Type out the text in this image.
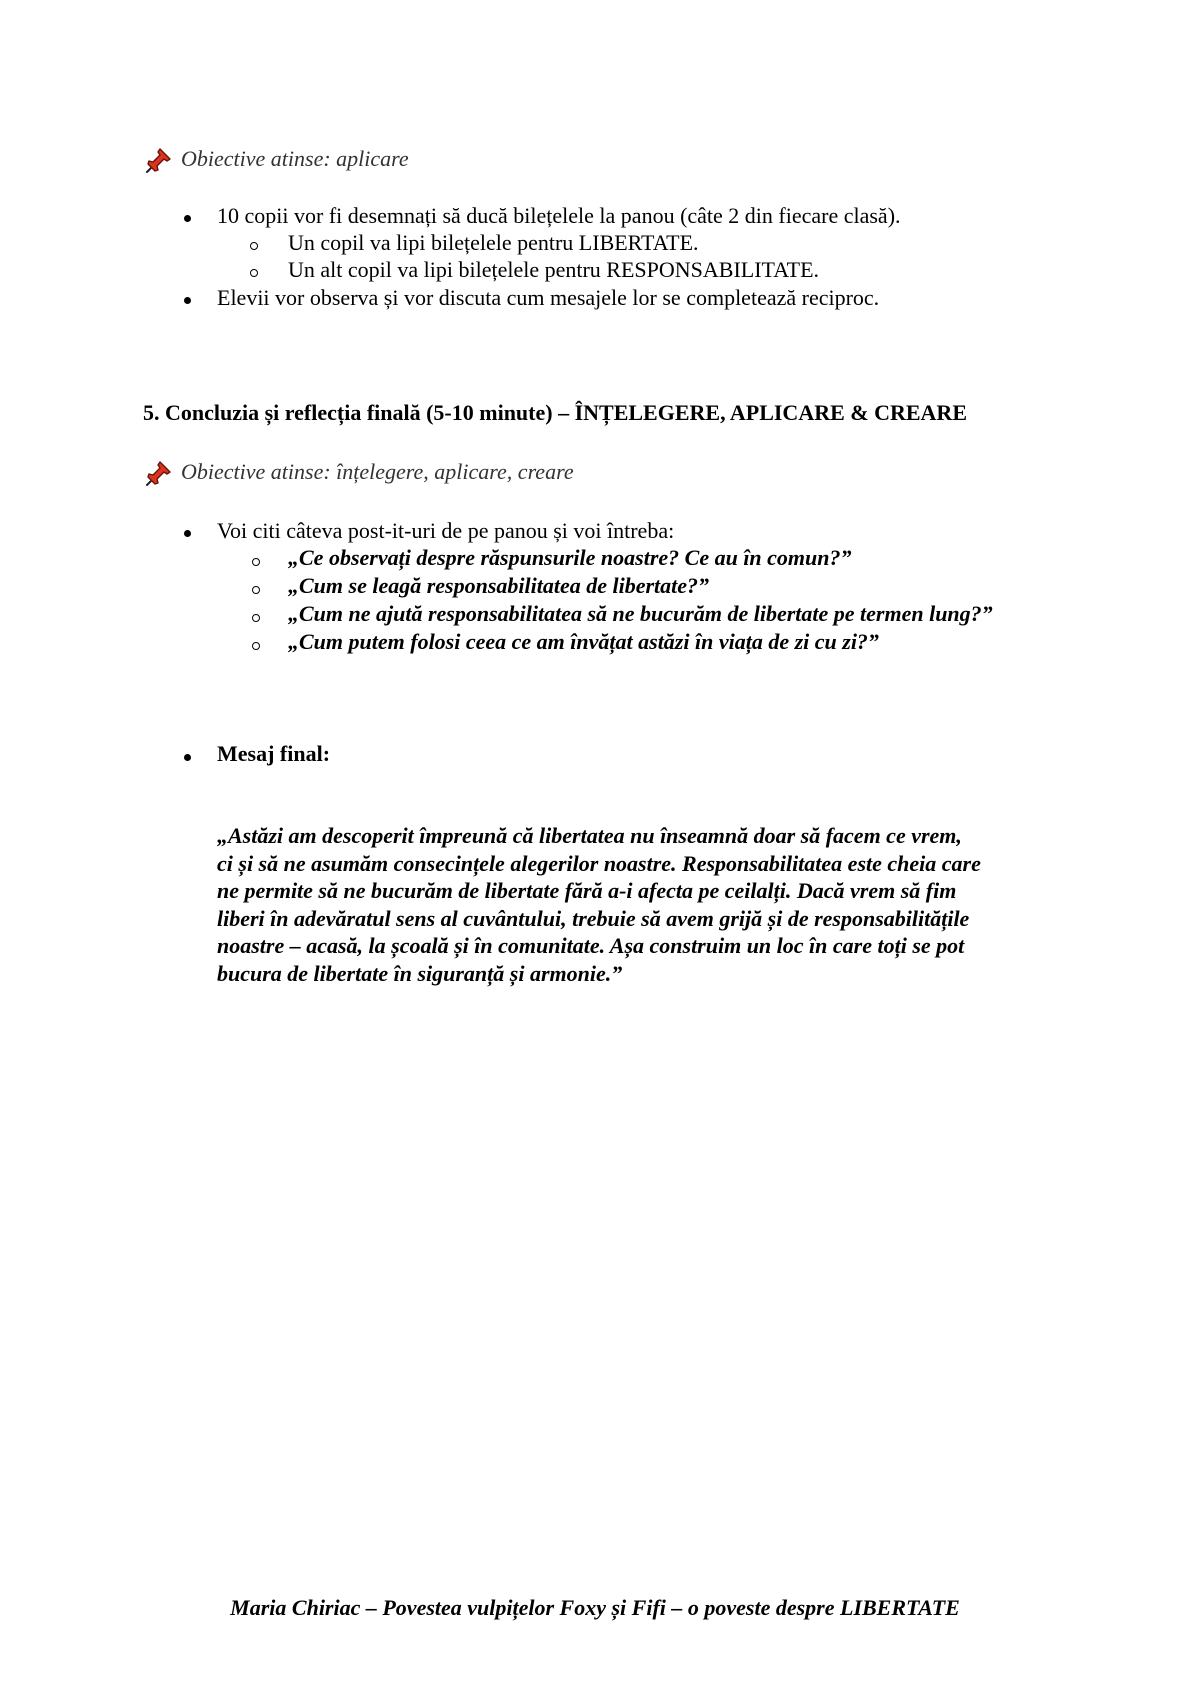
Obiective atinse: aplicare
10 copii vor fi desemnați să ducă bilețelele la panou (câte 2 din fiecare clasă).
Un copil va lipi bilețelele pentru LIBERTATE.
Un alt copil va lipi bilețelele pentru RESPONSABILITATE.
Elevii vor observa și vor discuta cum mesajele lor se completează reciproc.
5. Concluzia și reflecția finală (5-10 minute) – ÎNȚELEGERE, APLICARE & CREARE
Obiective atinse: înțelegere, aplicare, creare
Voi citi câteva post-it-uri de pe panou și voi întreba:
„Ce observați despre răspunsurile noastre? Ce au în comun?”
„Cum se leagă responsabilitatea de libertate?”
„Cum ne ajută responsabilitatea să ne bucurăm de libertate pe termen lung?”
„Cum putem folosi ceea ce am învățat astăzi în viața de zi cu zi?”
Mesaj final:
„Astăzi am descoperit împreună că libertatea nu înseamnă doar să facem ce vrem,
ci și să ne asumăm consecințele alegerilor noastre. Responsabilitatea este cheia care
ne permite să ne bucurăm de libertate fără a-i afecta pe ceilalți. Dacă vrem să fim
liberi în adevăratul sens al cuvântului, trebuie să avem grijă și de responsabilitățile
noastre – acasă, la școală și în comunitate. Așa construim un loc în care toți se pot
bucura de libertate în siguranță și armonie.”
Maria Chiriac – Povestea vulpițelor Foxy și Fifi – o poveste despre LIBERTATE
